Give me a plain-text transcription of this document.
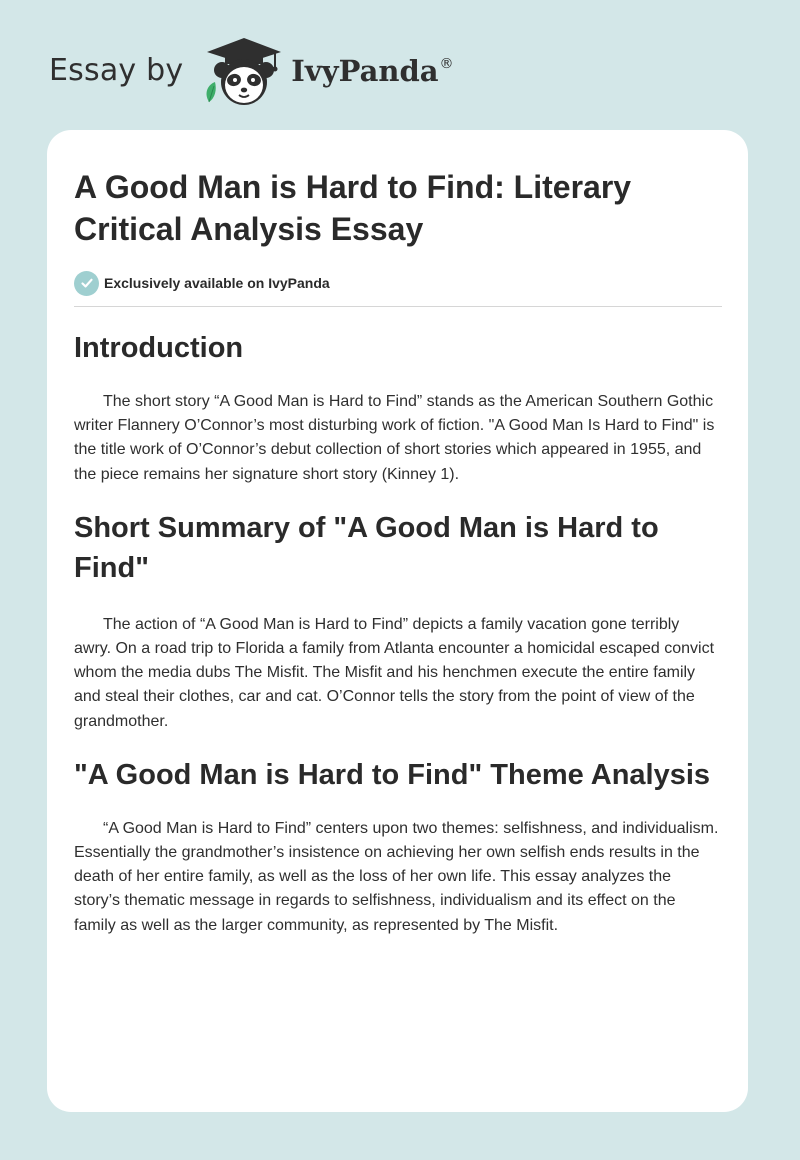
Essay by	IvyPanda ®
A Good Man is Hard to Find: Literary Critical Analysis Essay
Exclusively available on IvyPanda
Introduction

The short story “A Good Man is Hard to Find” stands as the American Southern Gothic writer Flannery O’Connor’s most disturbing work of fiction. "A Good Man Is Hard to Find" is the title work of O’Connor’s debut collection of short stories which appeared in 1955, and the piece remains her signature short story (Kinney 1).

Short Summary of "A Good Man is Hard to Find"

The action of “A Good Man is Hard to Find” depicts a family vacation gone terribly awry. On a road trip to Florida a family from Atlanta encounter a homicidal escaped convict whom the media dubs The Misfit. The Misfit and his henchmen execute the entire family and steal their clothes, car and cat. O’Connor tells the story from the point of view of the grandmother.

"A Good Man is Hard to Find" Theme Analysis

“A Good Man is Hard to Find” centers upon two themes: selfishness, and individualism. Essentially the grandmother’s insistence on achieving her own selfish ends results in the death of her entire family, as well as the loss of her own life. This essay analyzes the story’s thematic message in regards to selfishness, individualism and its effect on the family as well as the larger community, as represented by The Misfit.
